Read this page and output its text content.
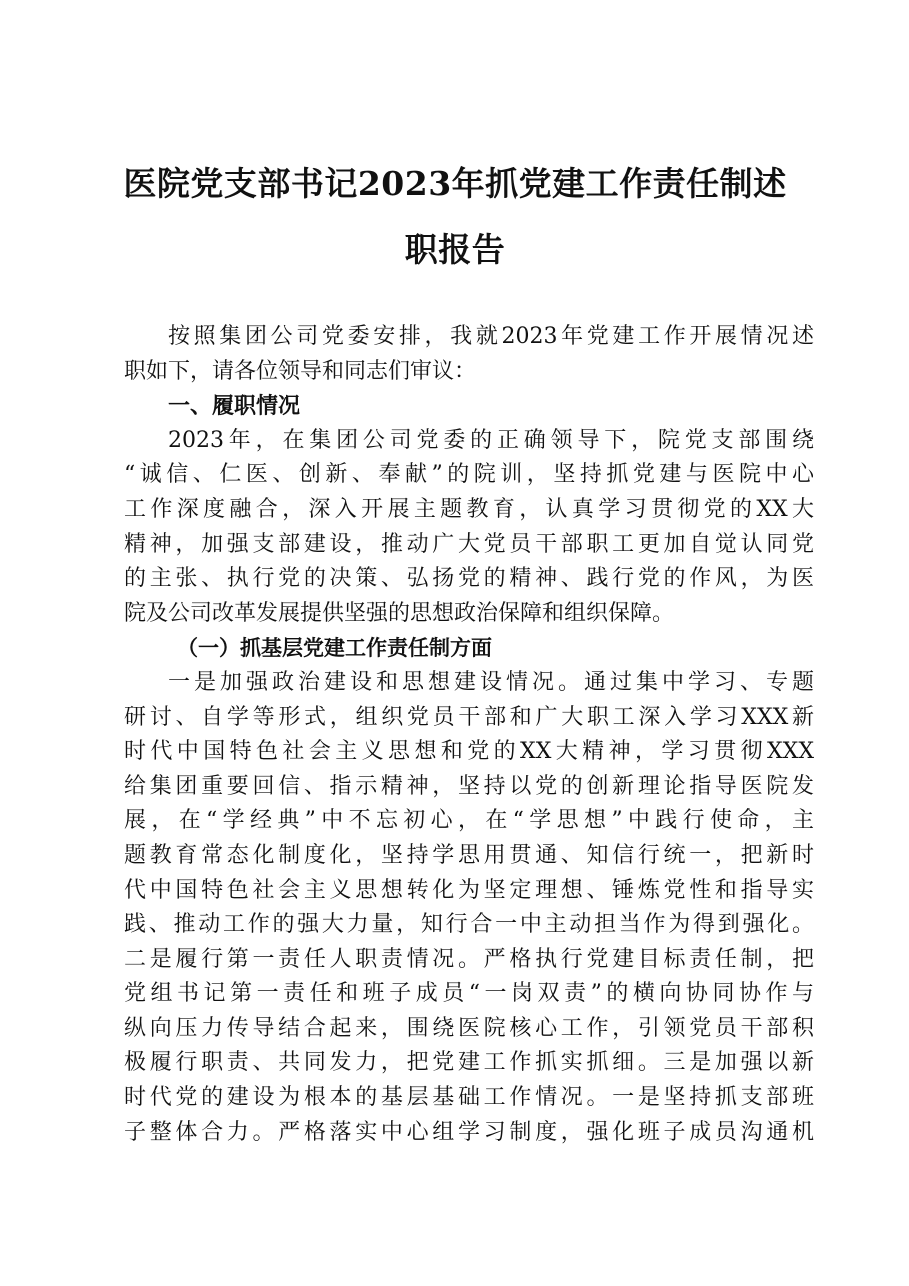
医院党支部书记2023年抓党建工作责任制述
职报告
按照集团公司党委安排，我就2023年党建工作开展情况述
职如下，请各位领导和同志们审议：
一、履职情况
2023年，在集团公司党委的正确领导下，院党支部围绕
“诚信、仁医、创新、奉献”的院训，坚持抓党建与医院中心
工作深度融合，深入开展主题教育，认真学习贯彻党的XX大
精神，加强支部建设，推动广大党员干部职工更加自觉认同党
的主张、执行党的决策、弘扬党的精神、践行党的作风，为医
院及公司改革发展提供坚强的思想政治保障和组织保障。
（一）抓基层党建工作责任制方面
一是加强政治建设和思想建设情况。通过集中学习、专题
研讨、自学等形式，组织党员干部和广大职工深入学习XXX新
时代中国特色社会主义思想和党的XX大精神，学习贯彻XXX
给集团重要回信、指示精神，坚持以党的创新理论指导医院发
展，在“学经典”中不忘初心，在“学思想”中践行使命，主
题教育常态化制度化，坚持学思用贯通、知信行统一，把新时
代中国特色社会主义思想转化为坚定理想、锤炼党性和指导实
践、推动工作的强大力量，知行合一中主动担当作为得到强化。
二是履行第一责任人职责情况。严格执行党建目标责任制，把
党组书记第一责任和班子成员“一岗双责”的横向协同协作与
纵向压力传导结合起来，围绕医院核心工作，引领党员干部积
极履行职责、共同发力，把党建工作抓实抓细。三是加强以新
时代党的建设为根本的基层基础工作情况。一是坚持抓支部班
子整体合力。严格落实中心组学习制度，强化班子成员沟通机
